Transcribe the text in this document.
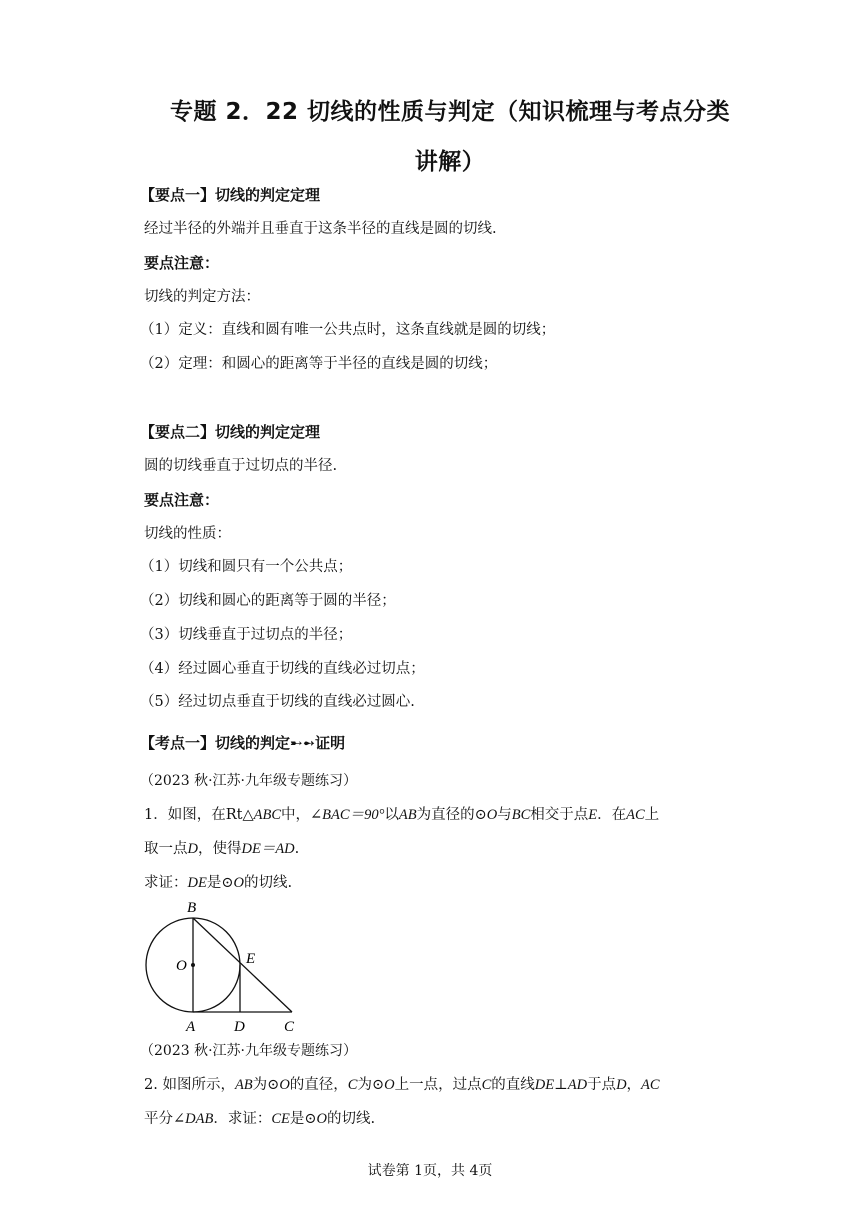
专题 2．22 切线的性质与判定（知识梳理与考点分类
讲解）
【要点一】切线的判定定理
经过半径的外端并且垂直于这条半径的直线是圆的切线.
要点注意：
切线的判定方法：
（1）定义：直线和圆有唯一公共点时，这条直线就是圆的切线；
（2）定理：和圆心的距离等于半径的直线是圆的切线；
【要点二】切线的判定定理
圆的切线垂直于过切点的半径.
要点注意：
切线的性质：
（1）切线和圆只有一个公共点；
（2）切线和圆心的距离等于圆的半径；
（3）切线垂直于过切点的半径；
（4）经过圆心垂直于切线的直线必过切点；
（5）经过切点垂直于切线的直线必过圆心.
【考点一】切线的判定➸➻证明
（2023 秋·江苏·九年级专题练习）
1．如图，在Rt△ABC中，∠BAC＝90°以AB为直径的⊙O与BC相交于点E．在AC上
取一点D，使得DE＝AD.
求证：DE是⊙O的切线.
B
O	E
A	D	C
（2023 秋·江苏·九年级专题练习）
2. 如图所示，AB为⊙O的直径，C为⊙O上一点，过点C的直线DE⊥AD于点D，AC
平分∠DAB．求证：CE是⊙O的切线.
试卷第 1页，共 4页
